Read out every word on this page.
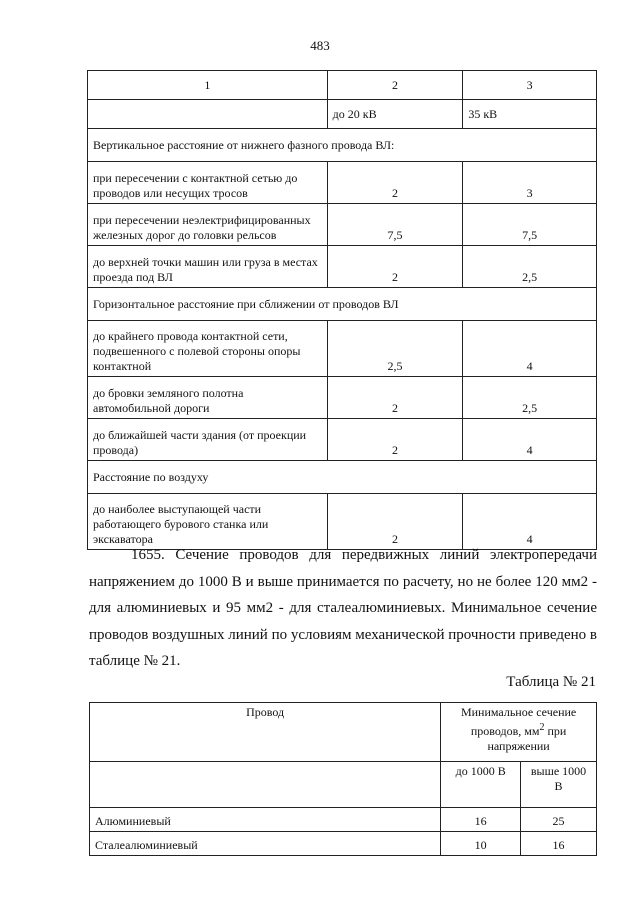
483
1	2	3
	до 20 кВ	35 кВ
Вертикальное расстояние от нижнего фазного провода ВЛ:		
при пересечении с контактной сетью до проводов или несущих тросов	2	3
при пересечении неэлектрифицированных железных дорог до головки рельсов	7,5	7,5
до верхней точки машин или груза в местах проезда под ВЛ	2	2,5
Горизонтальное расстояние при сближении от проводов ВЛ		
до крайнего провода контактной сети, подвешенного с полевой стороны опоры контактной	2,5	4
до бровки земляного полотна автомобильной дороги	2	2,5
до ближайшей части здания (от проекции провода)	2	4
Расстояние по воздуху		
до наиболее выступающей части работающего бурового станка или экскаватора	2	4
1655. Сечение проводов для передвижных линий электропередачи напряжением до 1000 В и выше принимается по расчету, но не более 120 мм2 - для алюминиевых и 95 мм2 - для сталеалюминиевых. Минимальное сечение проводов воздушных линий по условиям механической прочности приведено в таблице № 21.
Таблица № 21
Провод	Минимальное сечение проводов, $мм^2$ при напряжении	
	до 1000 В	выше 1000 В
Алюминиевый	16	25
Сталеалюминиевый	10	16
